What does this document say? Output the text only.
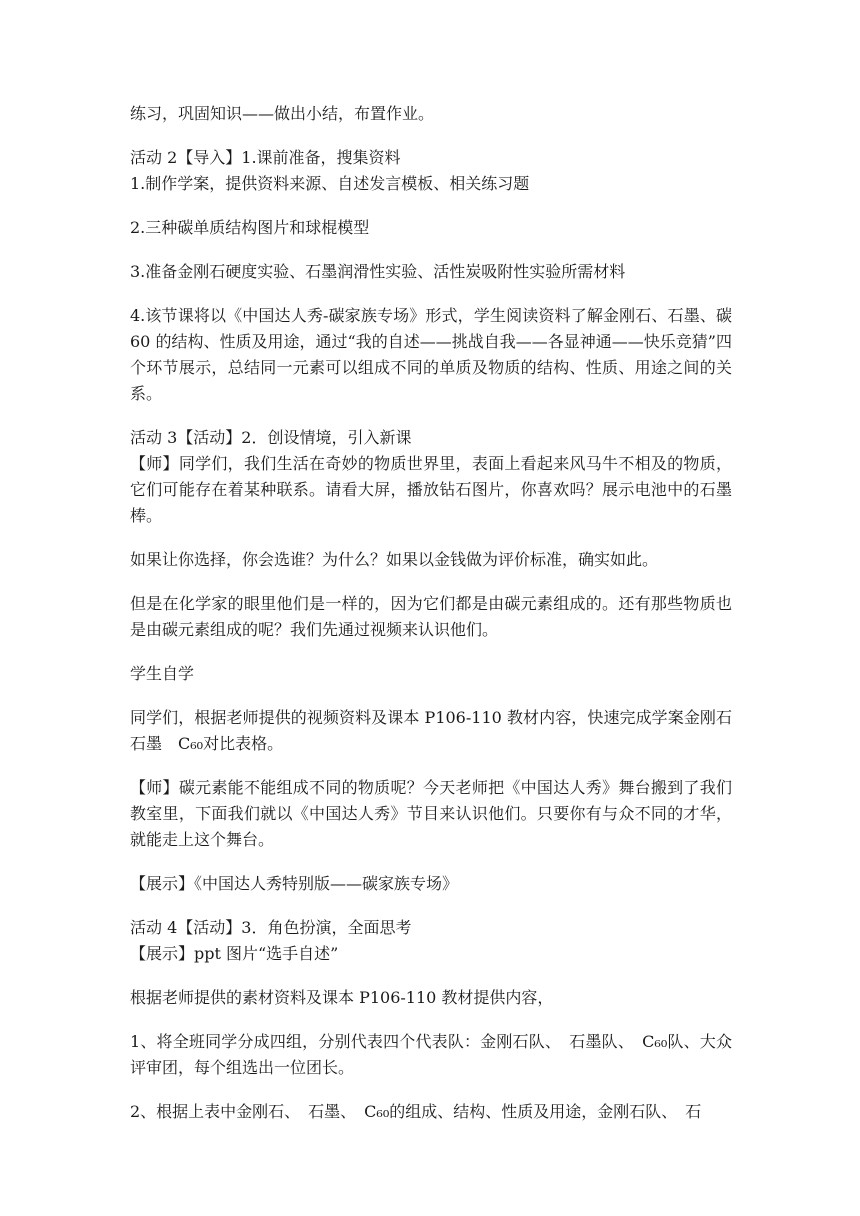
练习，巩固知识——做出小结，布置作业。

活动 2【导入】1.课前准备，搜集资料

1.制作学案，提供资料来源、自述发言模板、相关练习题

2.三种碳单质结构图片和球棍模型

3.准备金刚石硬度实验、石墨润滑性实验、活性炭吸附性实验所需材料

4.该节课将以《中国达人秀-碳家族专场》形式，学生阅读资料了解金刚石、石墨、碳 60 的结构、性质及用途，通过“我的自述——挑战自我——各显神通——快乐竞猜”四个环节展示，总结同一元素可以组成不同的单质及物质的结构、性质、用途之间的关系。

活动 3【活动】2．创设情境，引入新课

【师】同学们，我们生活在奇妙的物质世界里，表面上看起来风马牛不相及的物质，它们可能存在着某种联系。请看大屏，播放钻石图片，你喜欢吗？展示电池中的石墨棒。

如果让你选择，你会选谁？为什么？如果以金钱做为评价标准，确实如此。

但是在化学家的眼里他们是一样的，因为它们都是由碳元素组成的。还有那些物质也是由碳元素组成的呢？我们先通过视频来认识他们。

学生自学

同学们，根据老师提供的视频资料及课本 P106-110 教材内容，快速完成学案金刚石　石墨　C₆₀对比表格。

【师】碳元素能不能组成不同的物质呢？今天老师把《中国达人秀》舞台搬到了我们教室里，下面我们就以《中国达人秀》节目来认识他们。只要你有与众不同的才华，就能走上这个舞台。

【展示】《中国达人秀特别版——碳家族专场》

活动 4【活动】3．角色扮演，全面思考

【展示】ppt 图片“选手自述”

根据老师提供的素材资料及课本 P106-110 教材提供内容，

1、将全班同学分成四组，分别代表四个代表队：金刚石队、　石墨队、　C₆₀队、大众评审团，每个组选出一位团长。

2、根据上表中金刚石、　石墨、　C₆₀的组成、结构、性质及用途，金刚石队、　石
